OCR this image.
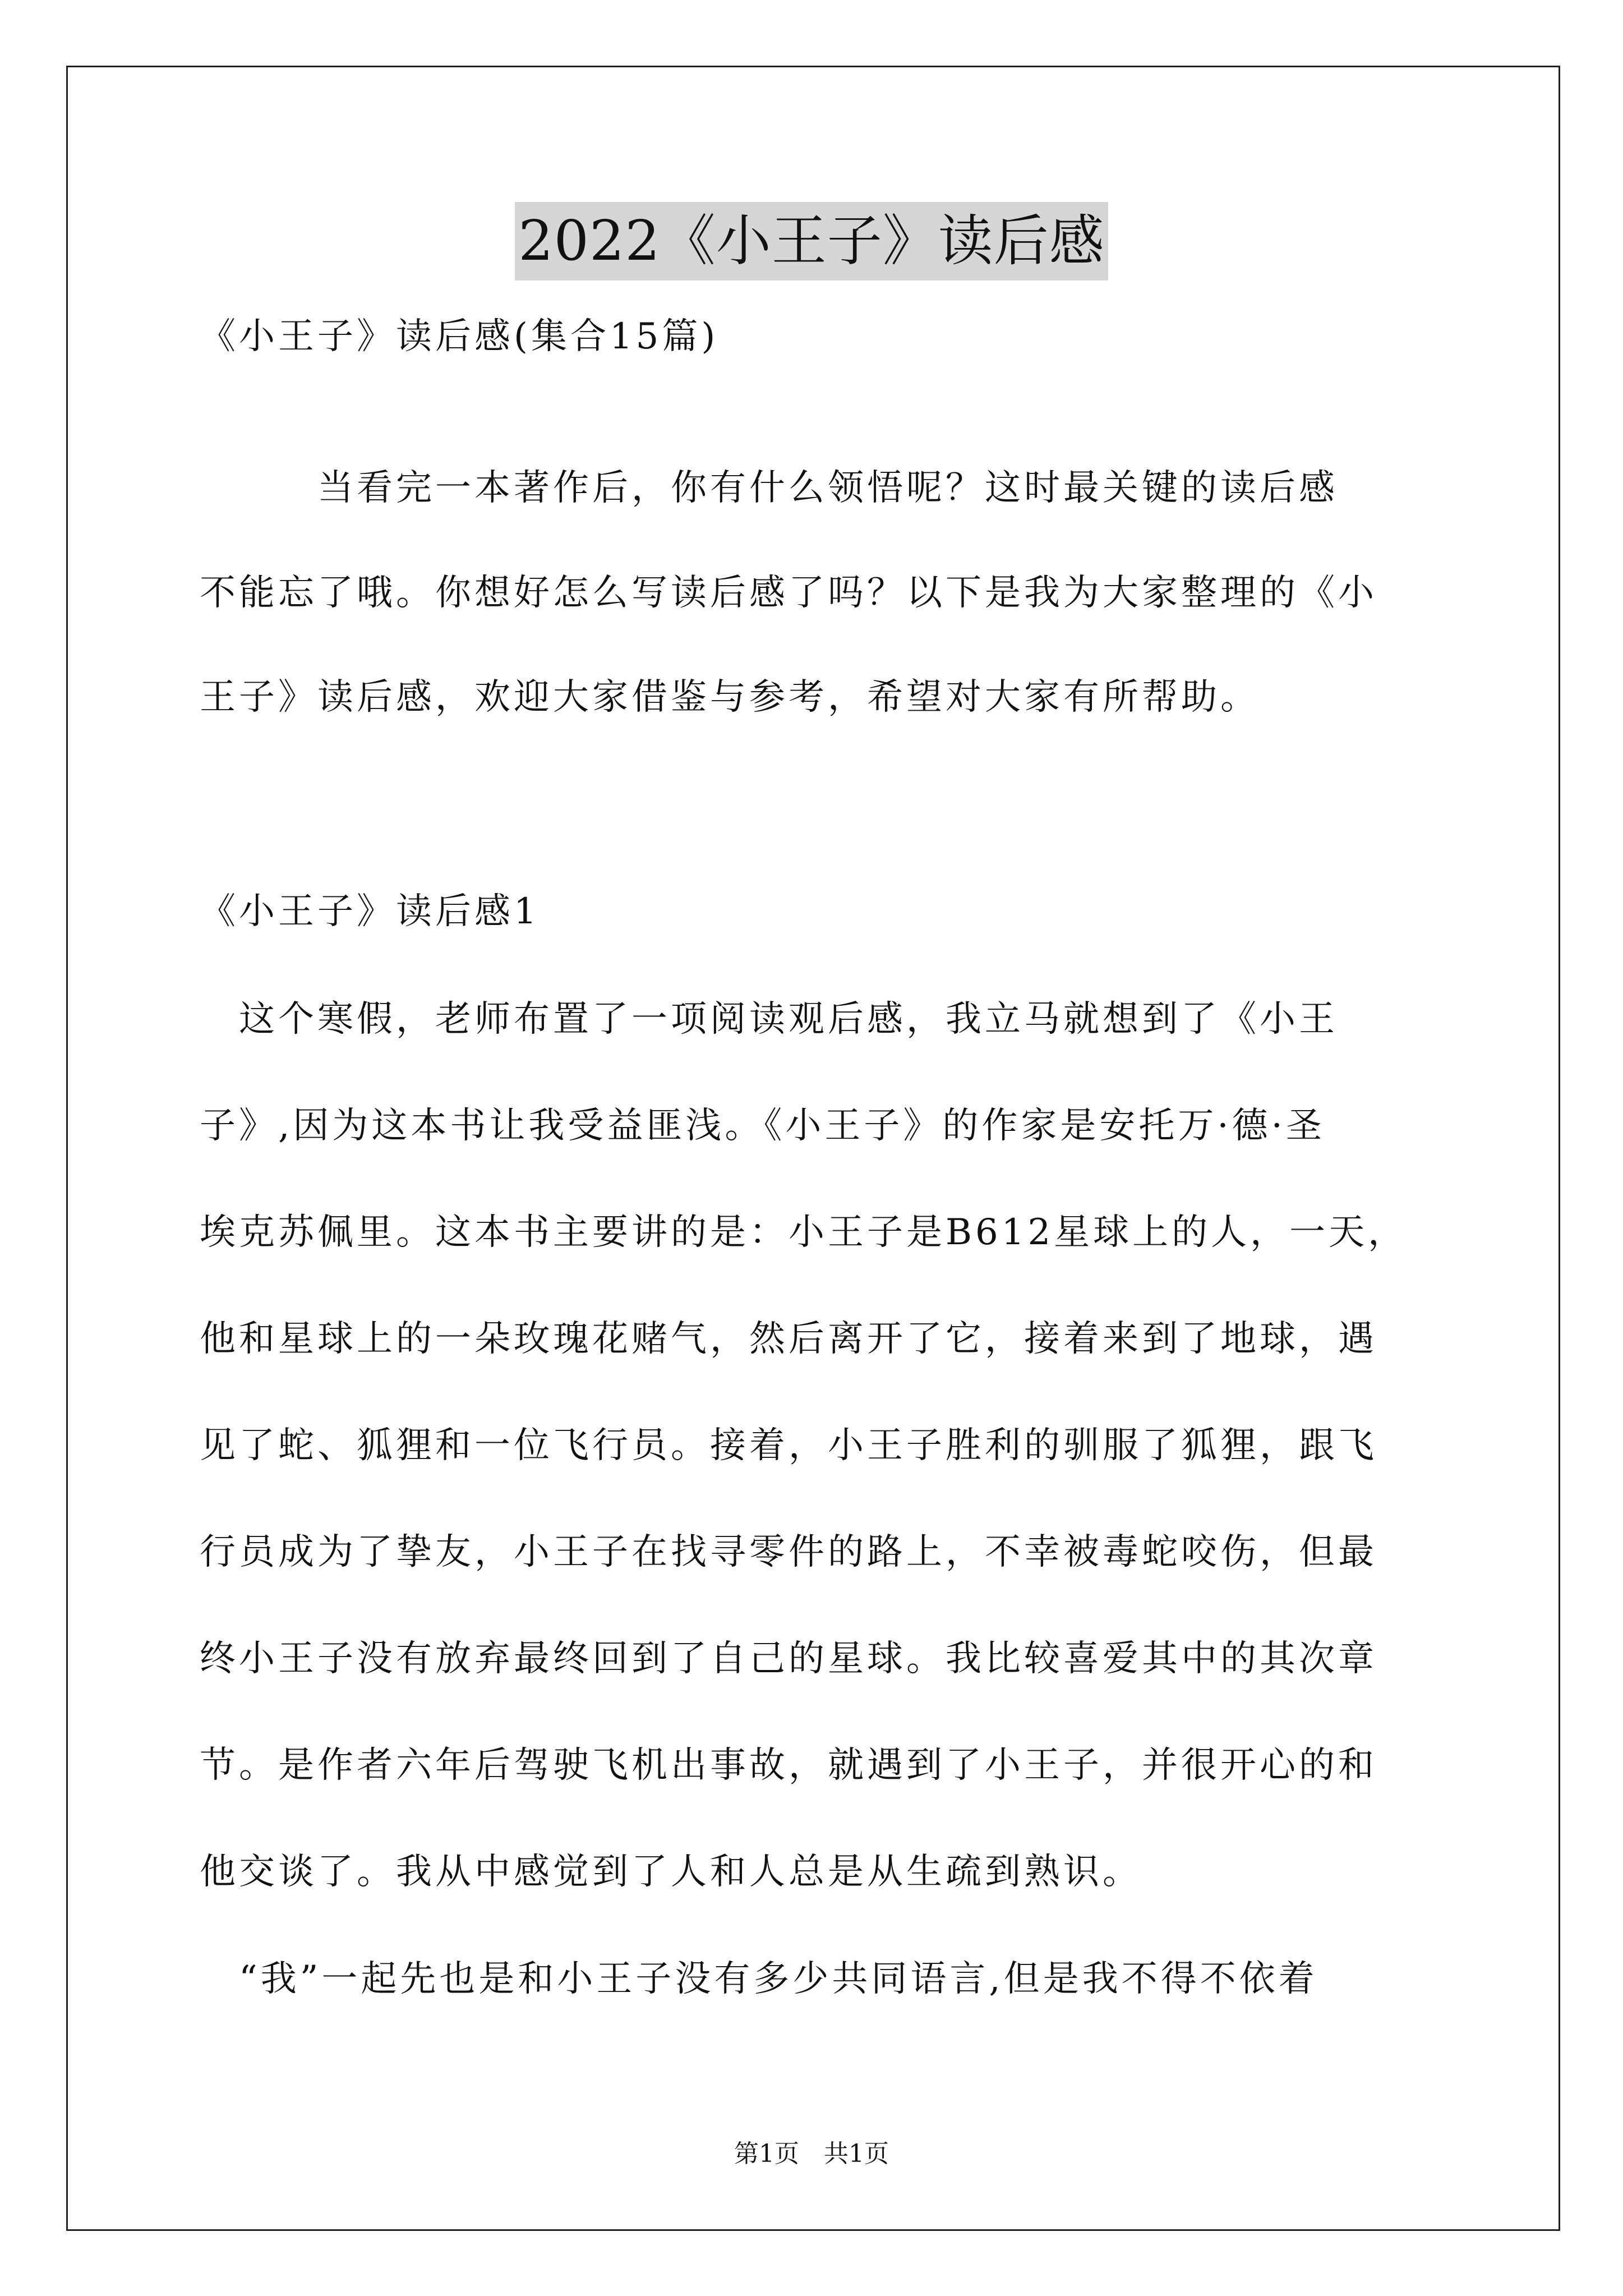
2022《小王子》读后感
《小王子》读后感(集合15篇)
　　　当看完一本著作后，你有什么领悟呢？这时最关键的读后感
不能忘了哦。你想好怎么写读后感了吗？以下是我为大家整理的《小
王子》读后感，欢迎大家借鉴与参考，希望对大家有所帮助。
《小王子》读后感1
　这个寒假，老师布置了一项阅读观后感，我立马就想到了《小王
子》,因为这本书让我受益匪浅。《小王子》的作家是安托万·德·圣
埃克苏佩里。这本书主要讲的是：小王子是B612星球上的人，一天，
他和星球上的一朵玫瑰花赌气，然后离开了它，接着来到了地球，遇
见了蛇、狐狸和一位飞行员。接着，小王子胜利的驯服了狐狸，跟飞
行员成为了挚友，小王子在找寻零件的路上，不幸被毒蛇咬伤，但最
终小王子没有放弃最终回到了自己的星球。我比较喜爱其中的其次章
节。是作者六年后驾驶飞机出事故，就遇到了小王子，并很开心的和
他交谈了。我从中感觉到了人和人总是从生疏到熟识。
　“我”一起先也是和小王子没有多少共同语言,但是我不得不依着
第1页　共1页
